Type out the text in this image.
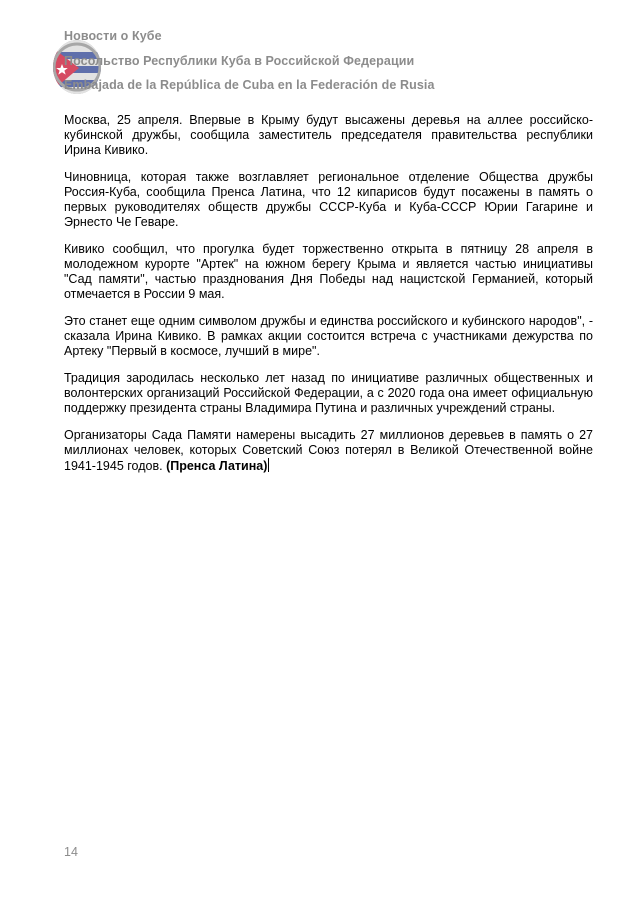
Новости о Кубе
Посольство Республики Куба в Российской Федерации
Embajada de la República de Cuba en la Federación de Rusia

Москва, 25 апреля. Впервые в Крыму будут высажены деревья на аллее российско-кубинской дружбы, сообщила заместитель председателя правительства республики Ирина Кивико.

Чиновница, которая также возглавляет региональное отделение Общества дружбы Россия-Куба, сообщила Пренса Латина, что 12 кипарисов будут посажены в память о первых руководителях обществ дружбы СССР-Куба и Куба-СССР Юрии Гагарине и Эрнесто Че Геваре.

Кивико сообщил, что прогулка будет торжественно открыта в пятницу 28 апреля в молодежном курорте "Артек" на южном берегу Крыма и является частью инициативы "Сад памяти", частью празднования Дня Победы над нацистской Германией, который отмечается в России 9 мая.

Это станет еще одним символом дружбы и единства российского и кубинского народов", - сказала Ирина Кивико. В рамках акции состоится встреча с участниками дежурства по Артеку "Первый в космосе, лучший в мире".

Традиция зародилась несколько лет назад по инициативе различных общественных и волонтерских организаций Российской Федерации, а с 2020 года она имеет официальную поддержку президента страны Владимира Путина и различных учреждений страны.

Организаторы Сада Памяти намерены высадить 27 миллионов деревьев в память о 27 миллионах человек, которых Советский Союз потерял в Великой Отечественной войне 1941-1945 годов. (Пренса Латина)

14
